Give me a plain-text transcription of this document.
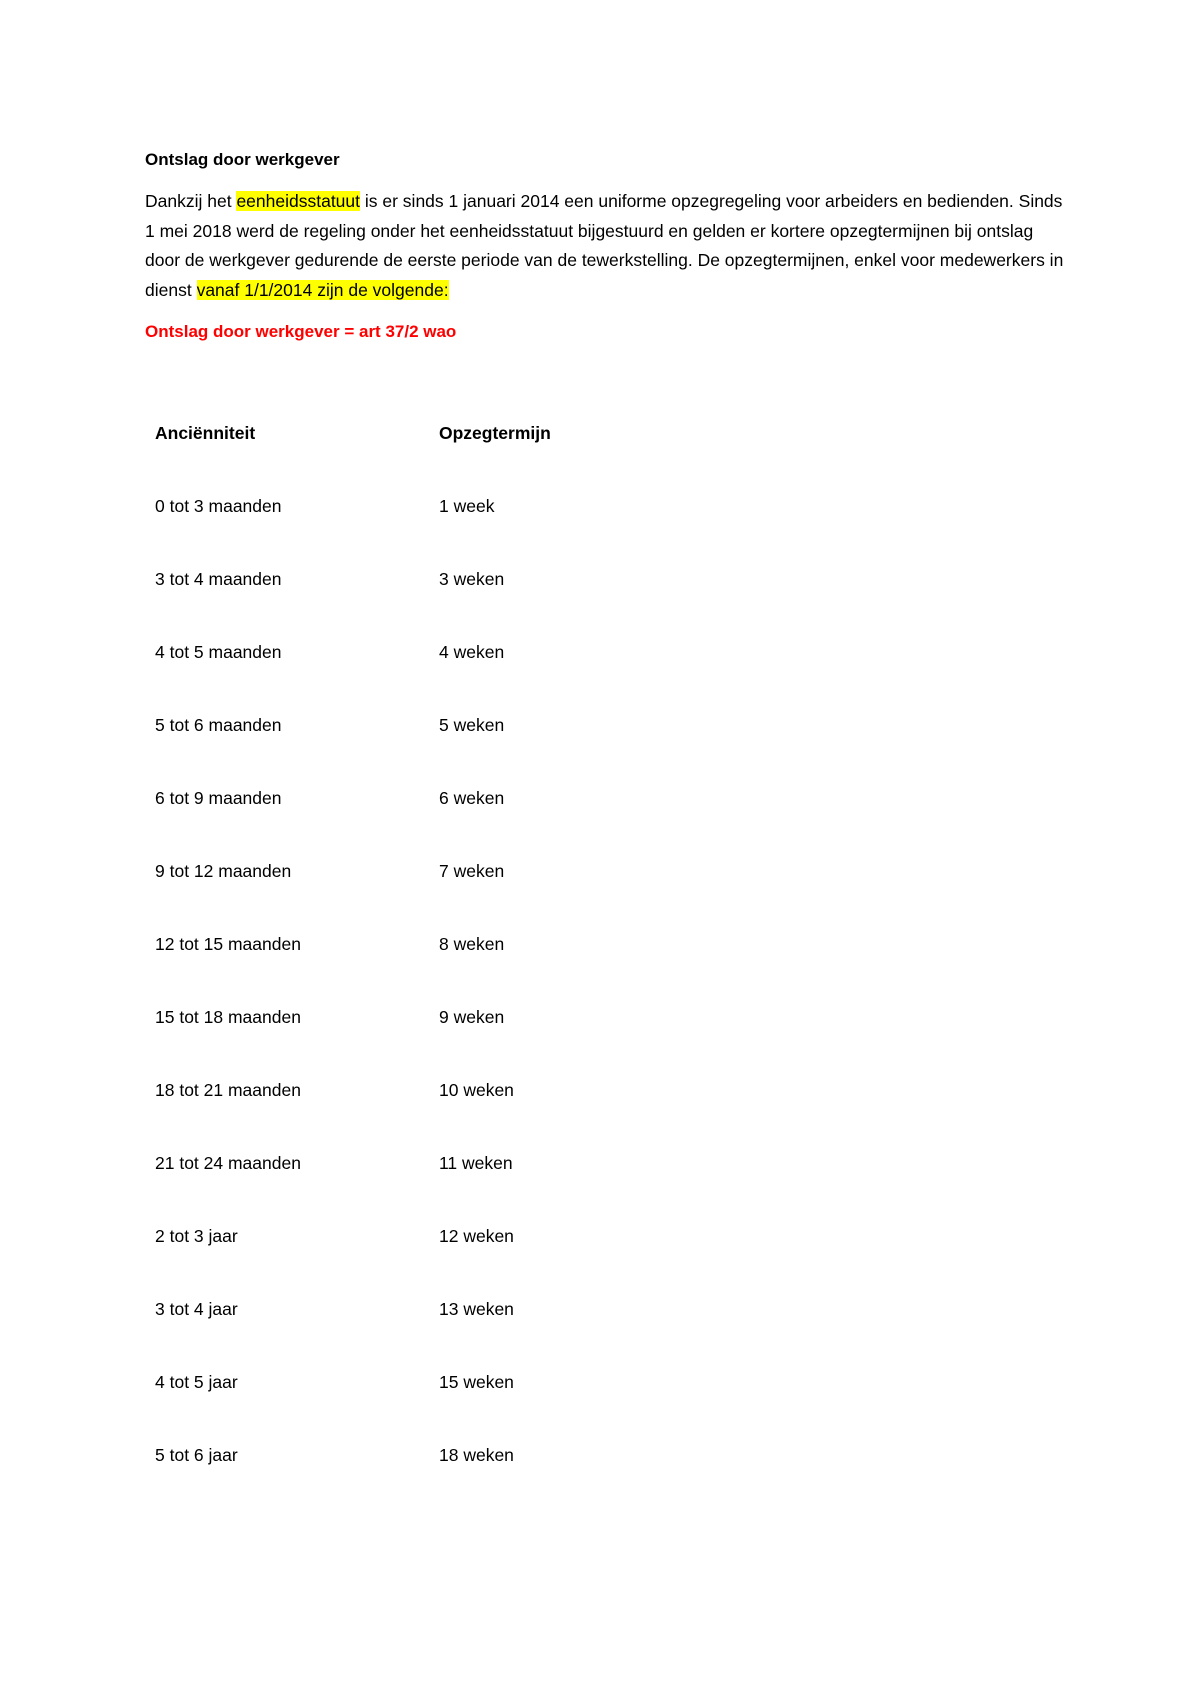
Ontslag door werkgever

Dankzij het eenheidsstatuut is er sinds 1 januari 2014 een uniforme opzegregeling voor arbeiders en bedienden. Sinds 1 mei 2018 werd de regeling onder het eenheidsstatuut bijgestuurd en gelden er kortere opzegtermijnen bij ontslag door de werkgever gedurende de eerste periode van de tewerkstelling. De opzegtermijnen, enkel voor medewerkers in dienst vanaf 1/1/2014 zijn de volgende:

Ontslag door werkgever = art 37/2 wao
Anciënniteit	Opzegtermijn
0 tot 3 maanden	1 week
3 tot 4 maanden	3 weken
4 tot 5 maanden	4 weken
5 tot 6 maanden	5 weken
6 tot 9 maanden	6 weken
9 tot 12 maanden	7 weken
12 tot 15 maanden	8 weken
15 tot 18 maanden	9 weken
18 tot 21 maanden	10 weken
21 tot 24 maanden	11 weken
2 tot 3 jaar	12 weken
3 tot 4 jaar	13 weken
4 tot 5 jaar	15 weken
5 tot 6 jaar	18 weken
